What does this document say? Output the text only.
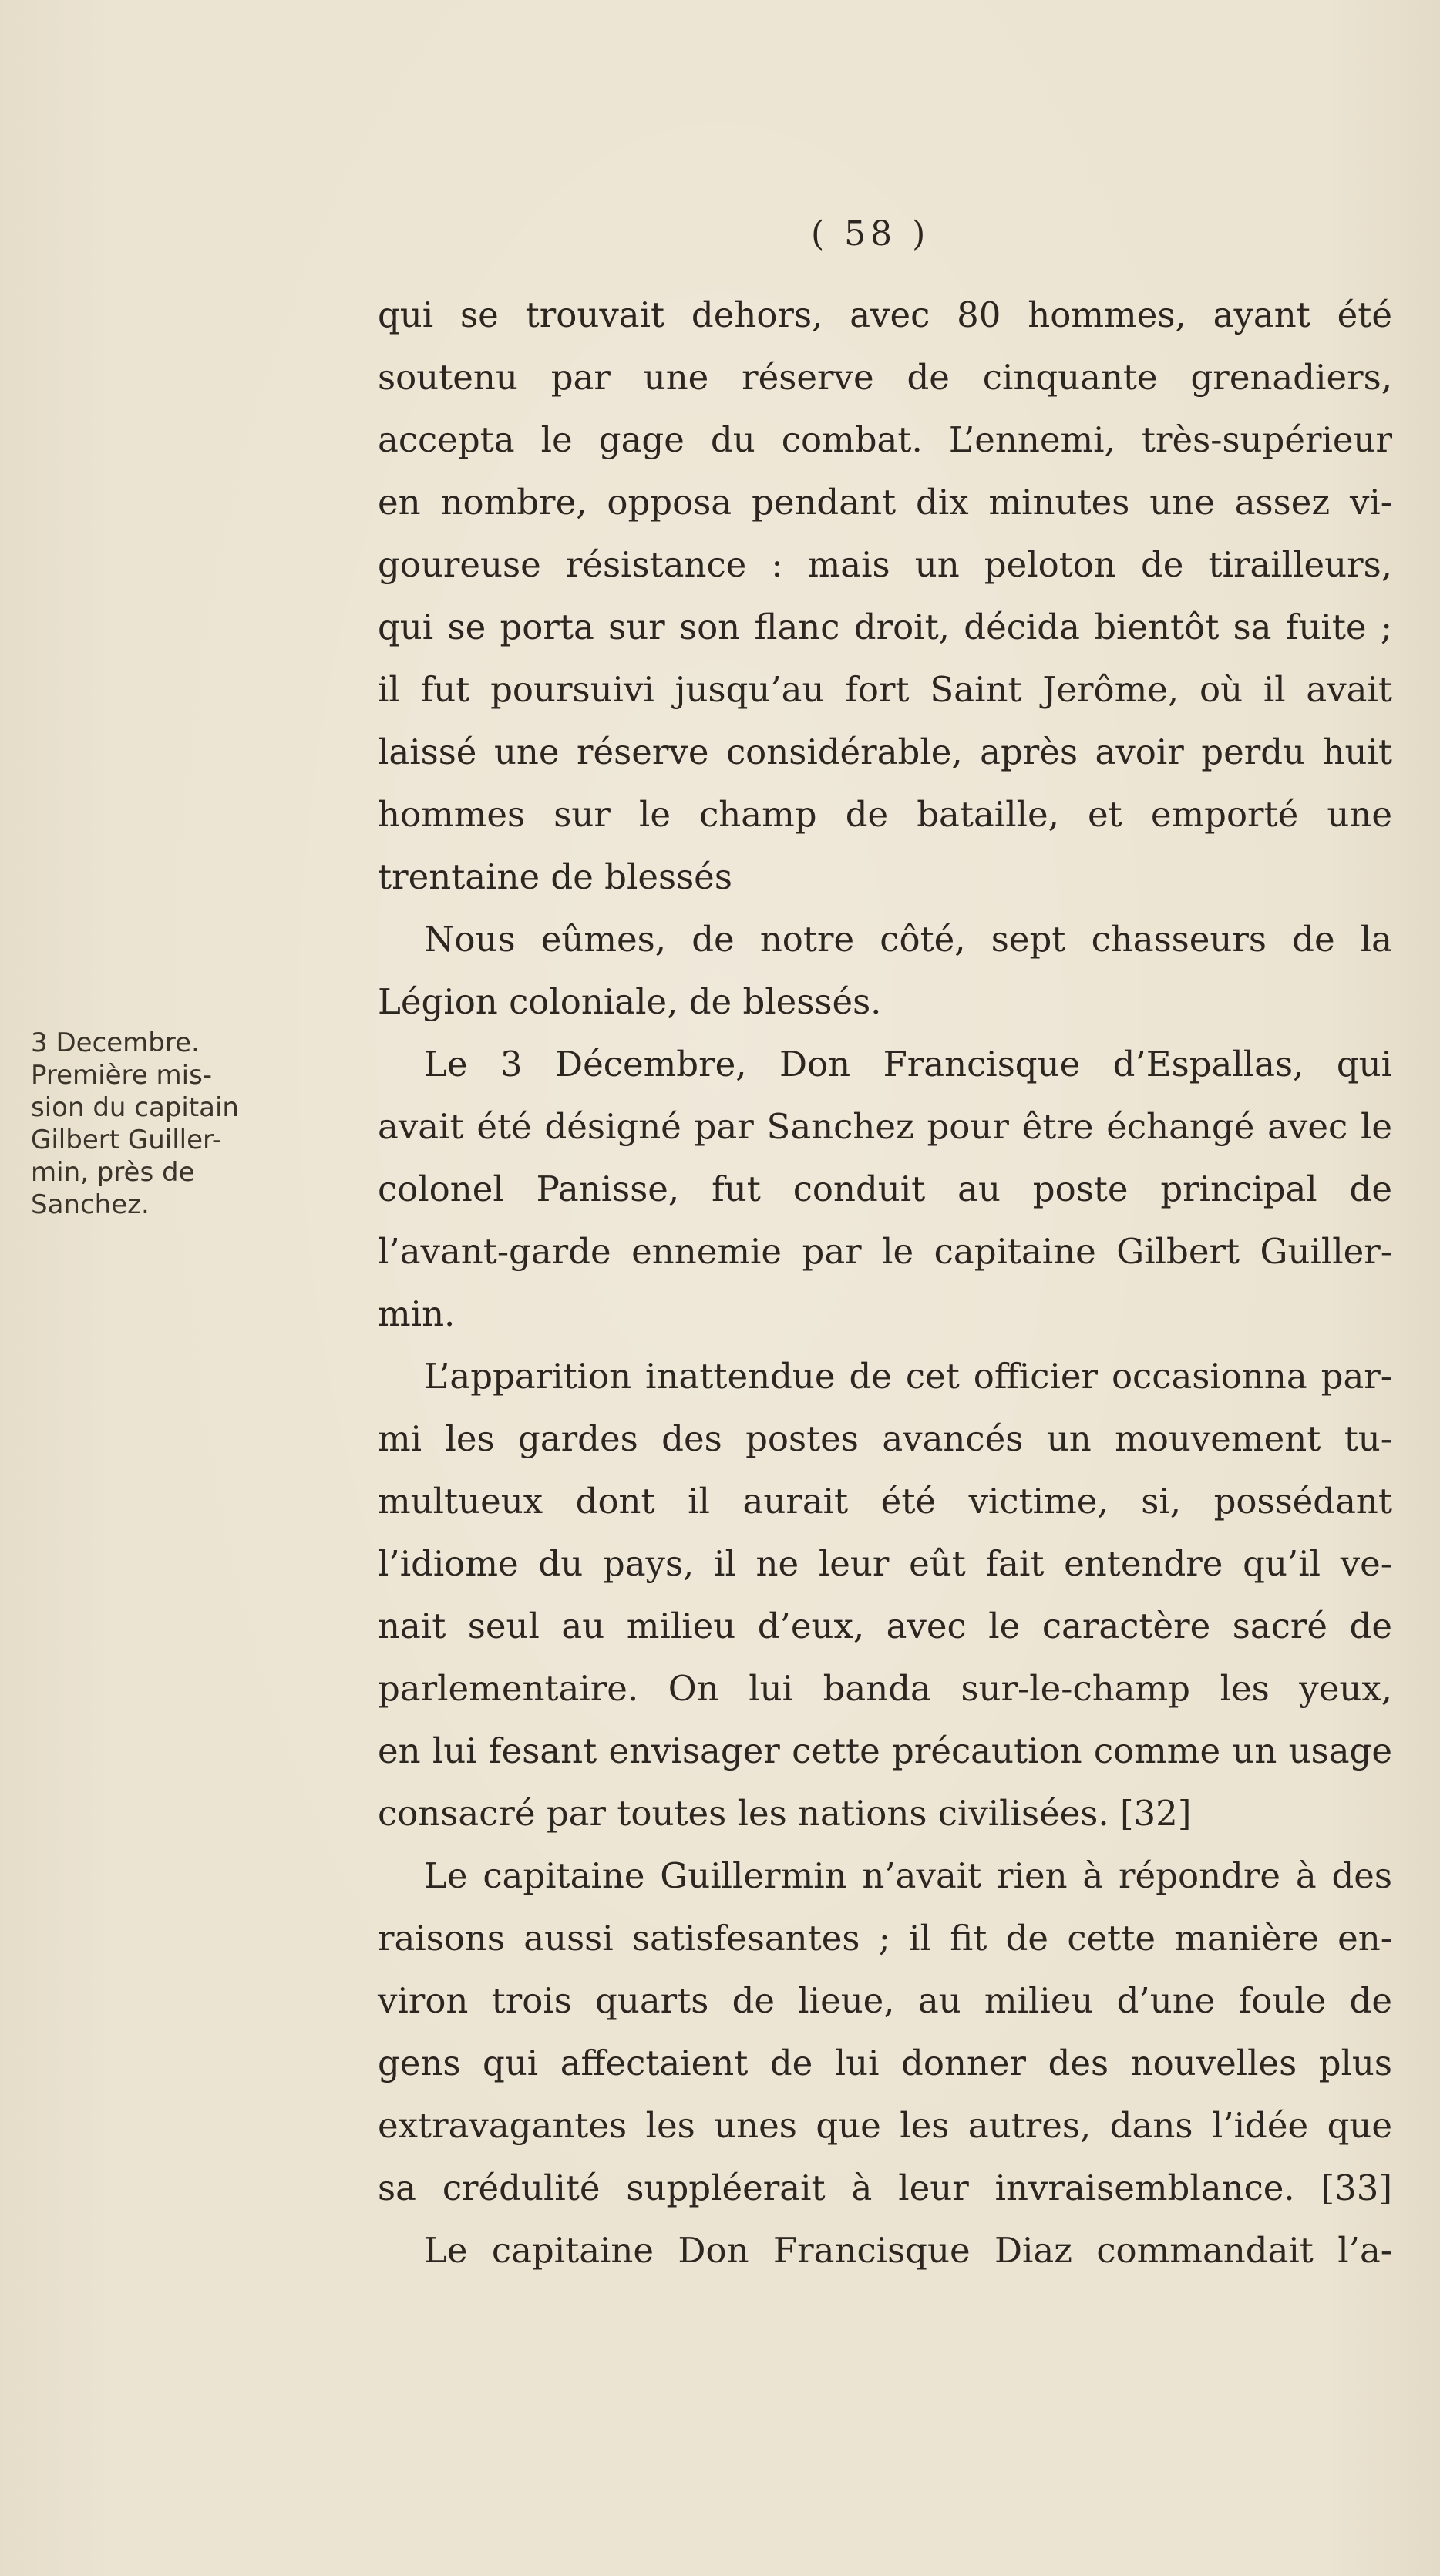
( 58 )
3 Decembre.
Première mis-
sion du capitain
Gilbert Guiller-
min, près de
Sanchez.
qui se trouvait dehors, avec 80 hommes, ayant été
soutenu par une réserve de cinquante grenadiers,
accepta le gage du combat. L’ennemi, très-supérieur
en nombre, opposa pendant dix minutes une assez vi-
goureuse résistance : mais un peloton de tirailleurs,
qui se porta sur son flanc droit, décida bientôt sa fuite ;
il fut poursuivi jusqu’au fort Saint Jerôme, où il avait
laissé une réserve considérable, après avoir perdu huit
hommes sur le champ de bataille, et emporté une
trentaine de blessés
Nous eûmes, de notre côté, sept chasseurs de la
Légion coloniale, de blessés.
Le 3 Décembre, Don Francisque d’Espallas, qui
avait été désigné par Sanchez pour être échangé avec le
colonel Panisse, fut conduit au poste principal de
l’avant-garde ennemie par le capitaine Gilbert Guiller-
min.
L’apparition inattendue de cet officier occasionna par-
mi les gardes des postes avancés un mouvement tu-
multueux dont il aurait été victime, si, possédant
l’idiome du pays, il ne leur eût fait entendre qu’il ve-
nait seul au milieu d’eux, avec le caractère sacré de
parlementaire. On lui banda sur-le-champ les yeux,
en lui fesant envisager cette précaution comme un usage
consacré par toutes les nations civilisées. [32]
Le capitaine Guillermin n’avait rien à répondre à des
raisons aussi satisfesantes ; il fit de cette manière en-
viron trois quarts de lieue, au milieu d’une foule de
gens qui affectaient de lui donner des nouvelles plus
extravagantes les unes que les autres, dans l’idée que
sa crédulité suppléerait à leur invraisemblance. [33]
Le capitaine Don Francisque Diaz commandait l’a-
